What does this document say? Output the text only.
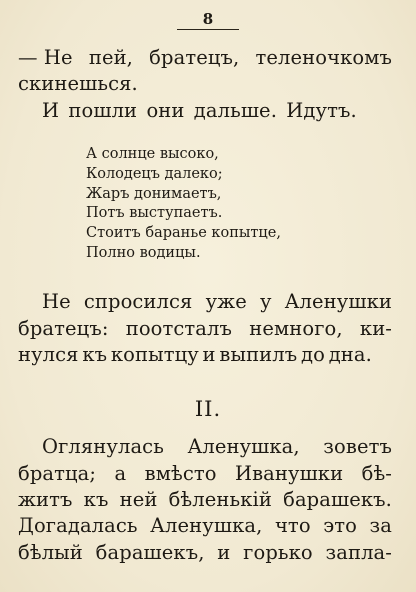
8
— Не пей, братецъ, теленочкомъ
скинешься.
И пошли они дальше. Идутъ.
А солнце высоко,
Колодецъ далеко;
Жаръ донимаетъ,
Потъ выступаетъ.
Стоитъ бараньe копытце,
Полно водицы.
Не спросился уже у Аленушки
братецъ: поотсталъ немного, ки-
нулся къ копытцу и выпилъ до дна.
II.
Оглянулась Аленушка, зоветъ
братца; а вмѣсто Иванушки бѣ-
житъ къ ней бѣленькiй барашекъ.
Догадалась Аленушка, что это за
бѣлый барашекъ, и горько запла-
